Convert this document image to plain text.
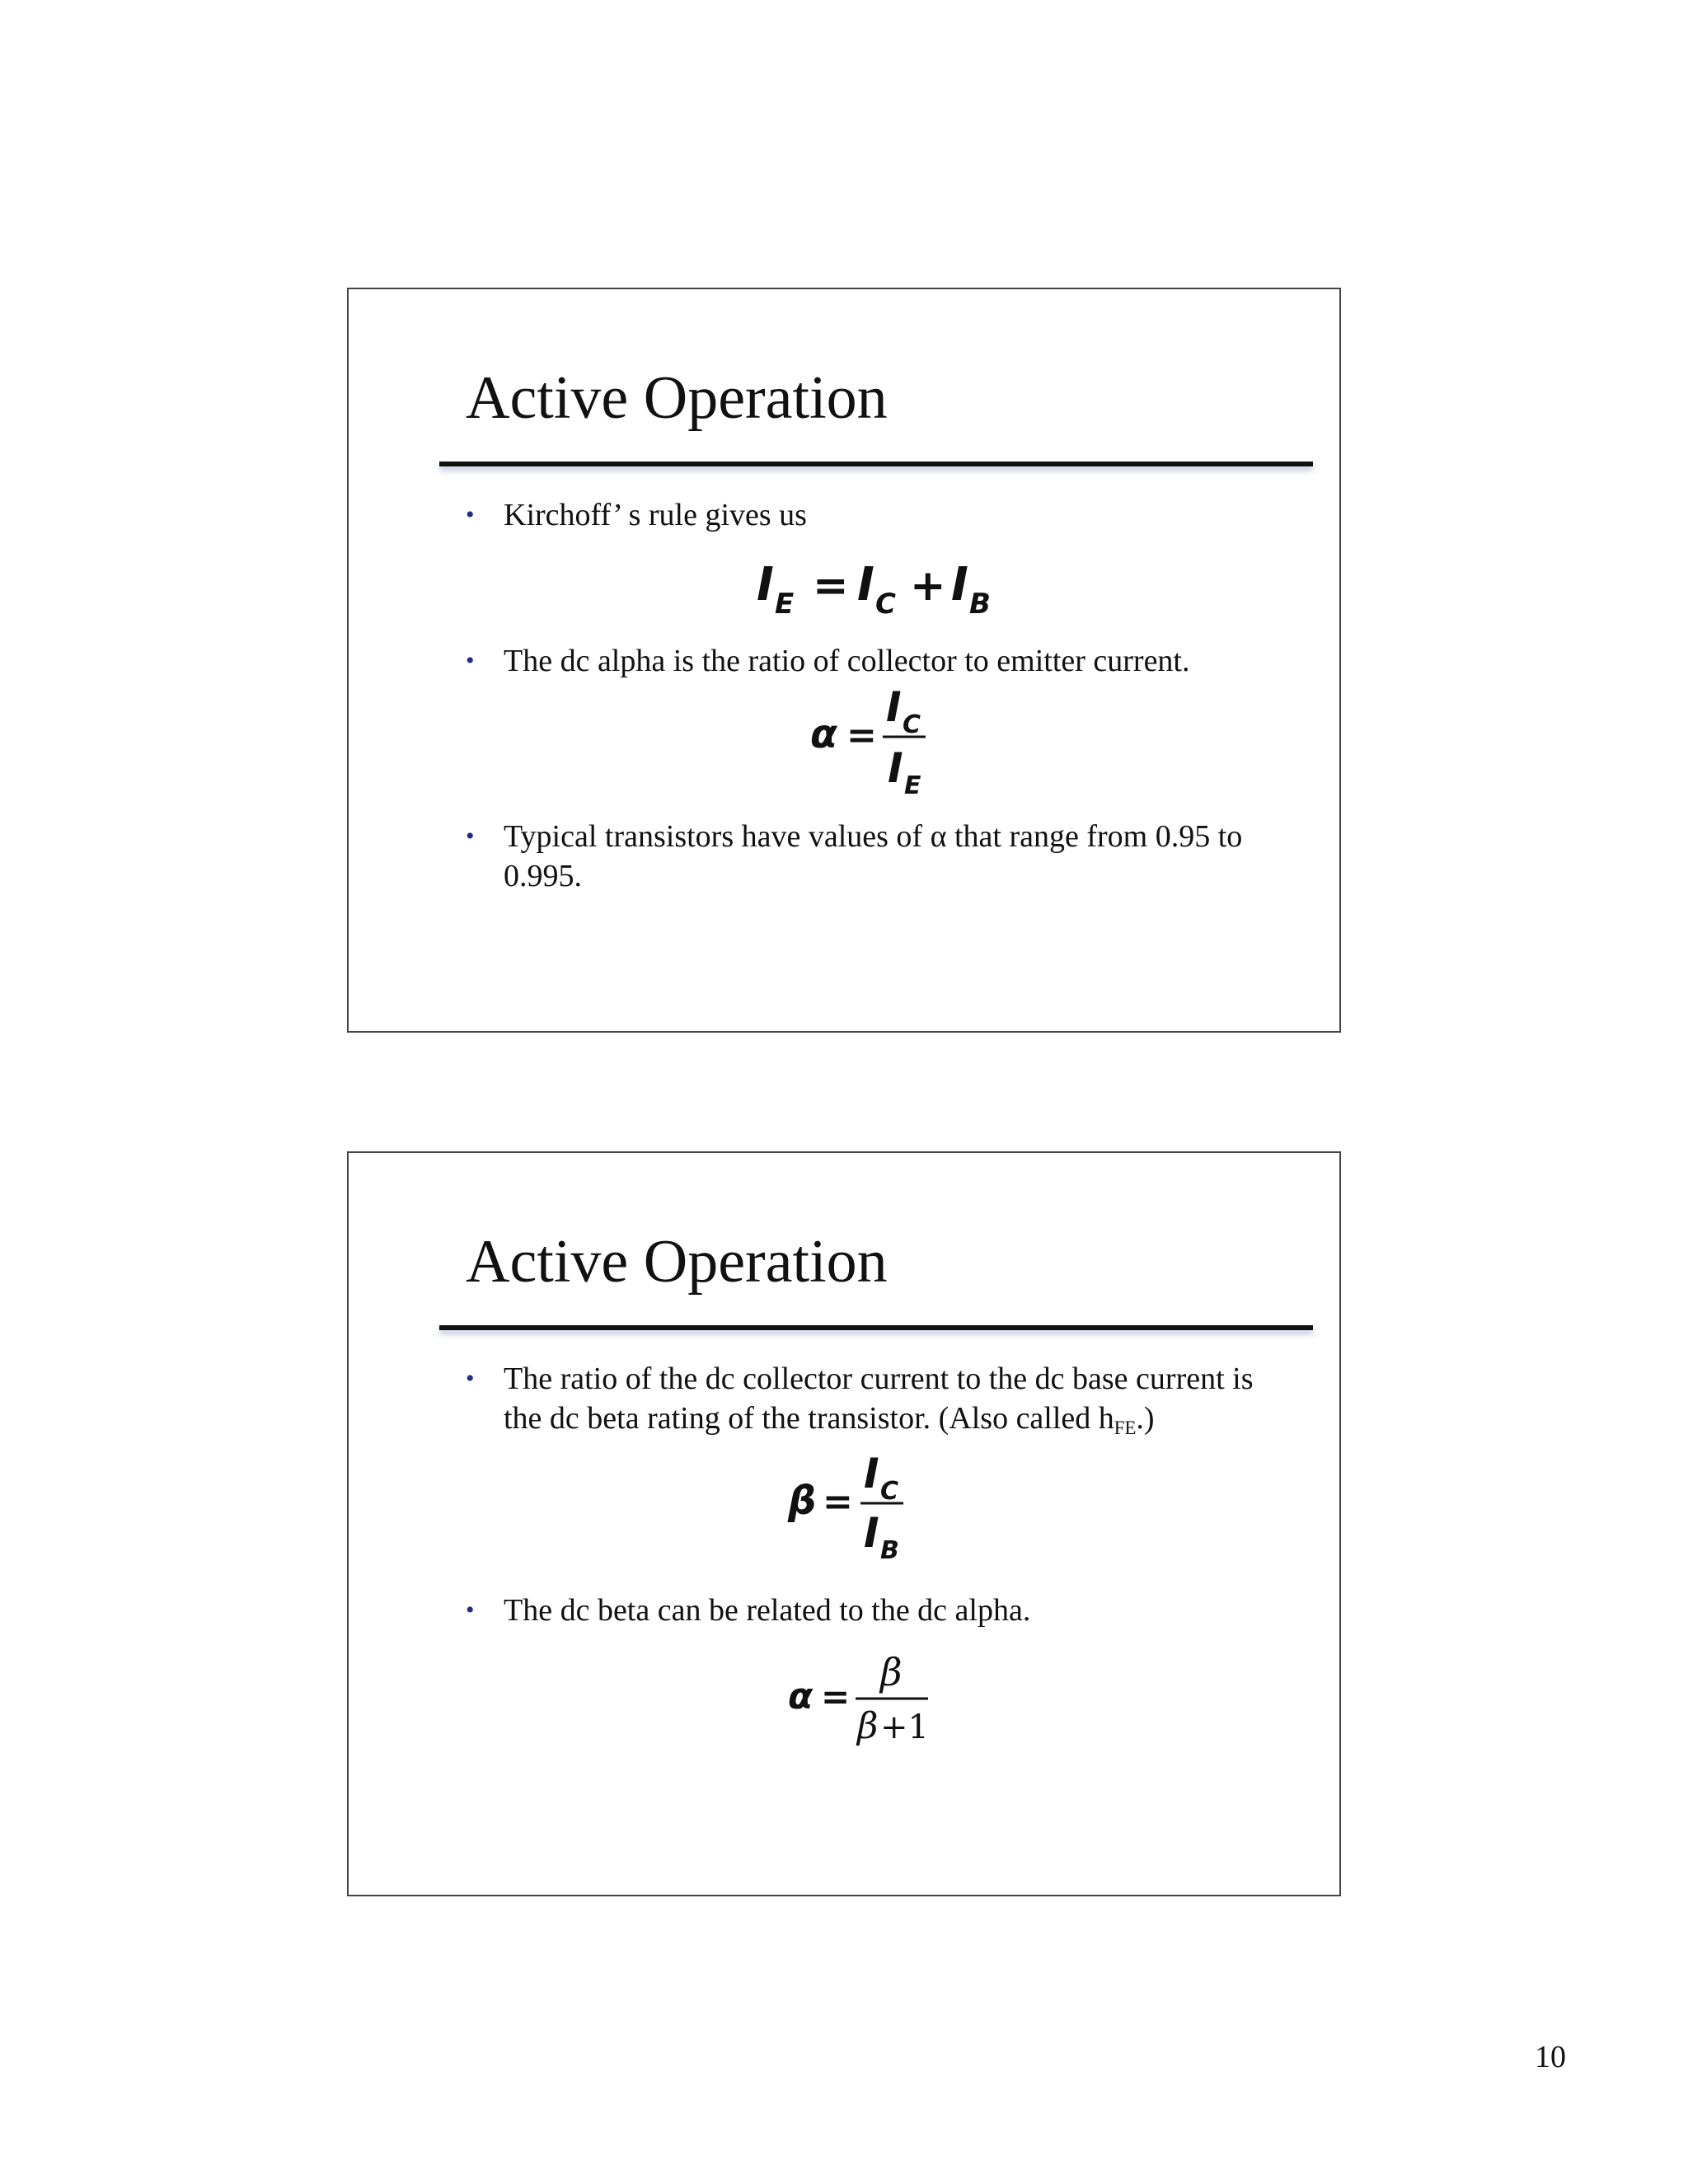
Active Operation
• Kirchoff’ s rule gives us
I E = I C + I B
• The dc alpha is the ratio of collector to emitter current.
α =
I C
I E
• Typical transistors have values of α that range from 0.95 to 0.995.
Active Operation
• The ratio of the dc collector current to the dc base current is the dc beta rating of the transistor. (Also called $h_{FE}$.)
β =
I C
I B
• The dc beta can be related to the dc alpha.
α =
β
β +1
10
